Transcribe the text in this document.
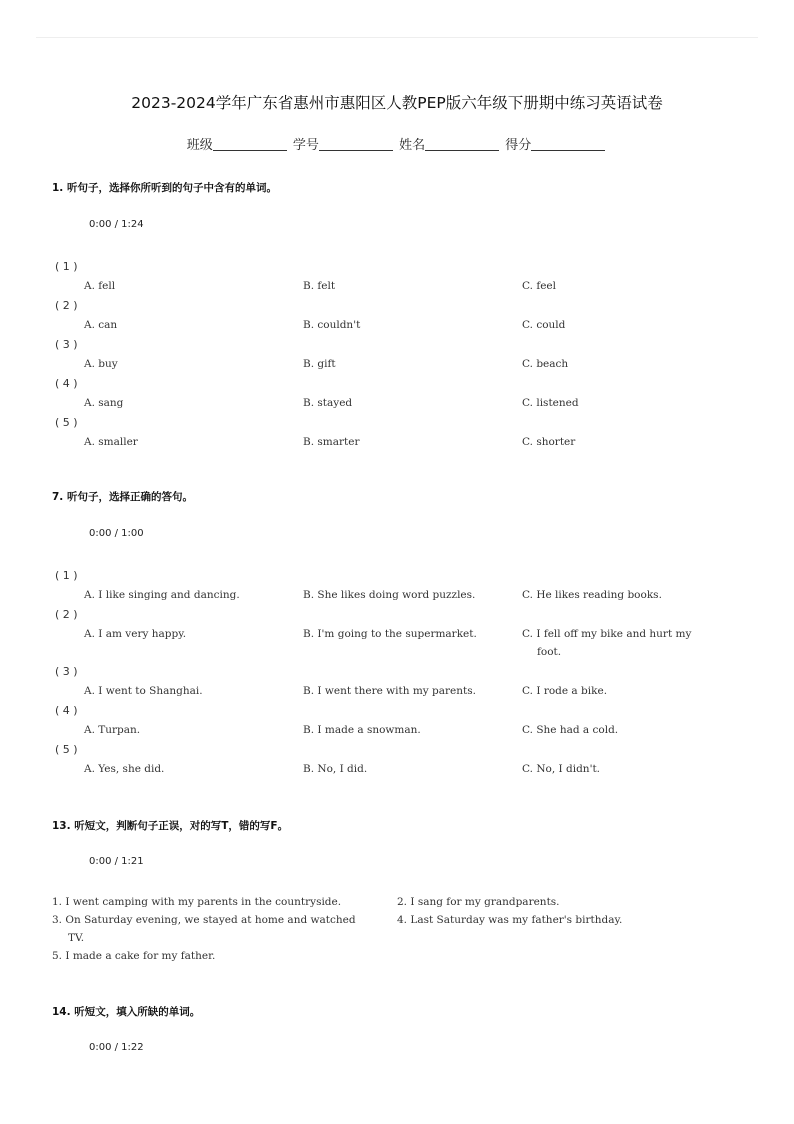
2023-2024学年广东省惠州市惠阳区人教PEP版六年级下册期中练习英语试卷
班级	学号	姓名	得分
1. 听句子，选择你所听到的句子中含有的单词。
0:00 / 1:24
( 1 )
A. fell	B. felt	C. feel
( 2 )
A. can	B. couldn't	C. could
( 3 )
A. buy	B. gift	C. beach
( 4 )
A. sang	B. stayed	C. listened
( 5 )
A. smaller	B. smarter	C. shorter
7. 听句子，选择正确的答句。
0:00 / 1:00
( 1 )
A. I like singing and dancing.	B. She likes doing word puzzles.	C. He likes reading books.
( 2 )
A. I am very happy.	B. I'm going to the supermarket.	C. I fell off my bike and hurt my
foot.
( 3 )
A. I went to Shanghai.	B. I went there with my parents.	C. I rode a bike.
( 4 )
A. Turpan.	B. I made a snowman.	C. She had a cold.
( 5 )
A. Yes, she did.	B. No, I did.	C. No, I didn't.
13. 听短文，判断句子正误，对的写T，错的写F。
0:00 / 1:21
1. I went camping with my parents in the countryside.	2. I sang for my grandparents.
3. On Saturday evening, we stayed at home and watched
TV.
4. Last Saturday was my father's birthday.
5. I made a cake for my father.
14. 听短文，填入所缺的单词。
0:00 / 1:22
